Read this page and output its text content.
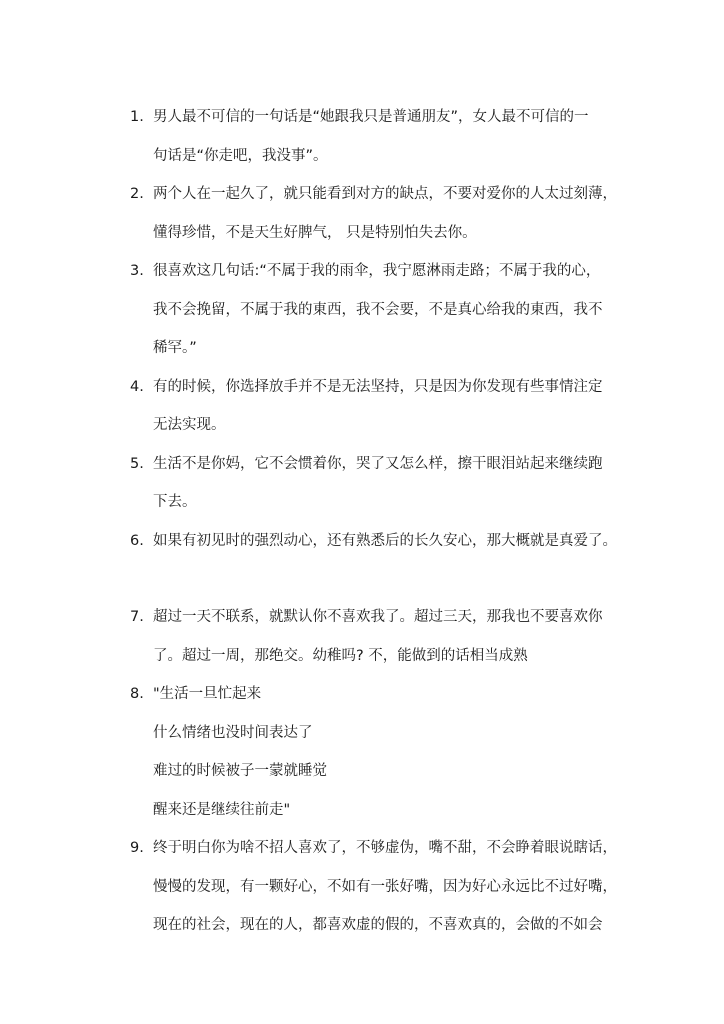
1. 男人最不可信的一句话是“她跟我只是普通朋友”，女人最不可信的一
句话是“你走吧，我没事”。
2. 两个人在一起久了，就只能看到对方的缺点，不要对爱你的人太过刻薄，
懂得珍惜，不是天生好脾气， 只是特别怕失去你。
3. 很喜欢这几句话:“不属于我的雨伞，我宁愿淋雨走路；不属于我的心，
我不会挽留，不属于我的東西，我不会要，不是真心给我的東西，我不
稀罕。”
4. 有的时候，你选择放手并不是无法坚持，只是因为你发现有些事情注定
无法实现。
5. 生活不是你妈，它不会惯着你，哭了又怎么样，擦干眼泪站起来继续跑
下去。
6. 如果有初见时的强烈动心，还有熟悉后的长久安心，那大概就是真爱了。
7. 超过一天不联系，就默认你不喜欢我了。超过三天，那我也不要喜欢你
了。超过一周，那绝交。幼稚吗? 不，能做到的话相当成熟
8. "生活一旦忙起来
什么情绪也没时间表达了
难过的时候被子一蒙就睡觉
醒来还是继续往前走"
9. 终于明白你为啥不招人喜欢了，不够虚伪，嘴不甜，不会睁着眼说瞎话，
慢慢的发现，有一颗好心，不如有一张好嘴，因为好心永远比不过好嘴，
现在的社会，现在的人，都喜欢虚的假的，不喜欢真的，会做的不如会
